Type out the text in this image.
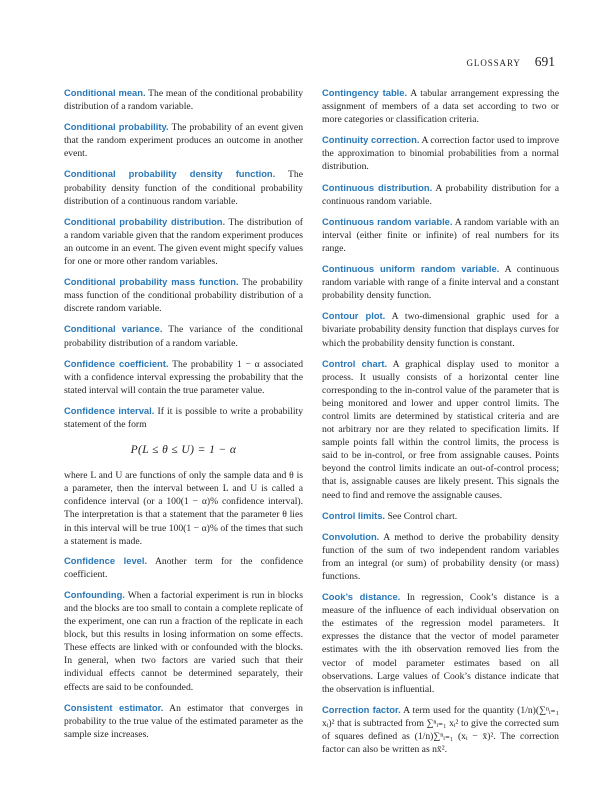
GLOSSARY 691

Conditional mean. The mean of the conditional probability distribution of a random variable.

Conditional probability. The probability of an event given that the random experiment produces an outcome in another event.

Conditional probability density function. The probability density function of the conditional probability distribution of a continuous random variable.

Conditional probability distribution. The distribution of a random variable given that the random experiment produces an outcome in an event. The given event might specify values for one or more other random variables.

Conditional probability mass function. The probability mass function of the conditional probability distribution of a discrete random variable.

Conditional variance. The variance of the conditional probability distribution of a random variable.

Confidence coefficient. The probability 1 − α associated with a confidence interval expressing the probability that the stated interval will contain the true parameter value.

Confidence interval. If it is possible to write a probability statement of the form

P(L ≤ θ ≤ U) = 1 − α

where L and U are functions of only the sample data and θ is a parameter, then the interval between L and U is called a confidence interval (or a 100(1 − α)% confidence interval). The interpretation is that a statement that the parameter θ lies in this interval will be true 100(1 − α)% of the times that such a statement is made.

Confidence level. Another term for the confidence coefficient.

Confounding. When a factorial experiment is run in blocks and the blocks are too small to contain a complete replicate of the experiment, one can run a fraction of the replicate in each block, but this results in losing information on some effects. These effects are linked with or confounded with the blocks. In general, when two factors are varied such that their individual effects cannot be determined separately, their effects are said to be confounded.

Consistent estimator. An estimator that converges in probability to the true value of the estimated parameter as the sample size increases.

Contingency table. A tabular arrangement expressing the assignment of members of a data set according to two or more categories or classification criteria.

Continuity correction. A correction factor used to improve the approximation to binomial probabilities from a normal distribution.

Continuous distribution. A probability distribution for a continuous random variable.

Continuous random variable. A random variable with an interval (either finite or infinite) of real numbers for its range.

Continuous uniform random variable. A continuous random variable with range of a finite interval and a constant probability density function.

Contour plot. A two-dimensional graphic used for a bivariate probability density function that displays curves for which the probability density function is constant.

Control chart. A graphical display used to monitor a process. It usually consists of a horizontal center line corresponding to the in-control value of the parameter that is being monitored and lower and upper control limits. The control limits are determined by statistical criteria and are not arbitrary nor are they related to specification limits. If sample points fall within the control limits, the process is said to be in-control, or free from assignable causes. Points beyond the control limits indicate an out-of-control process; that is, assignable causes are likely present. This signals the need to find and remove the assignable causes.

Control limits. See Control chart.

Convolution. A method to derive the probability density function of the sum of two independent random variables from an integral (or sum) of probability density (or mass) functions.

Cook’s distance. In regression, Cook’s distance is a measure of the influence of each individual observation on the estimates of the regression model parameters. It expresses the distance that the vector of model parameter estimates with the ith observation removed lies from the vector of model parameter estimates based on all observations. Large values of Cook’s distance indicate that the observation is influential.

Correction factor. A term used for the quantity (1/n)(∑ⁿᵢ₌₁ xᵢ)² that is subtracted from ∑ⁿᵢ₌₁ xᵢ² to give the corrected sum of squares defined as (1/n)∑ⁿᵢ₌₁ (xᵢ − x̄)². The correction factor can also be written as nx̄².
